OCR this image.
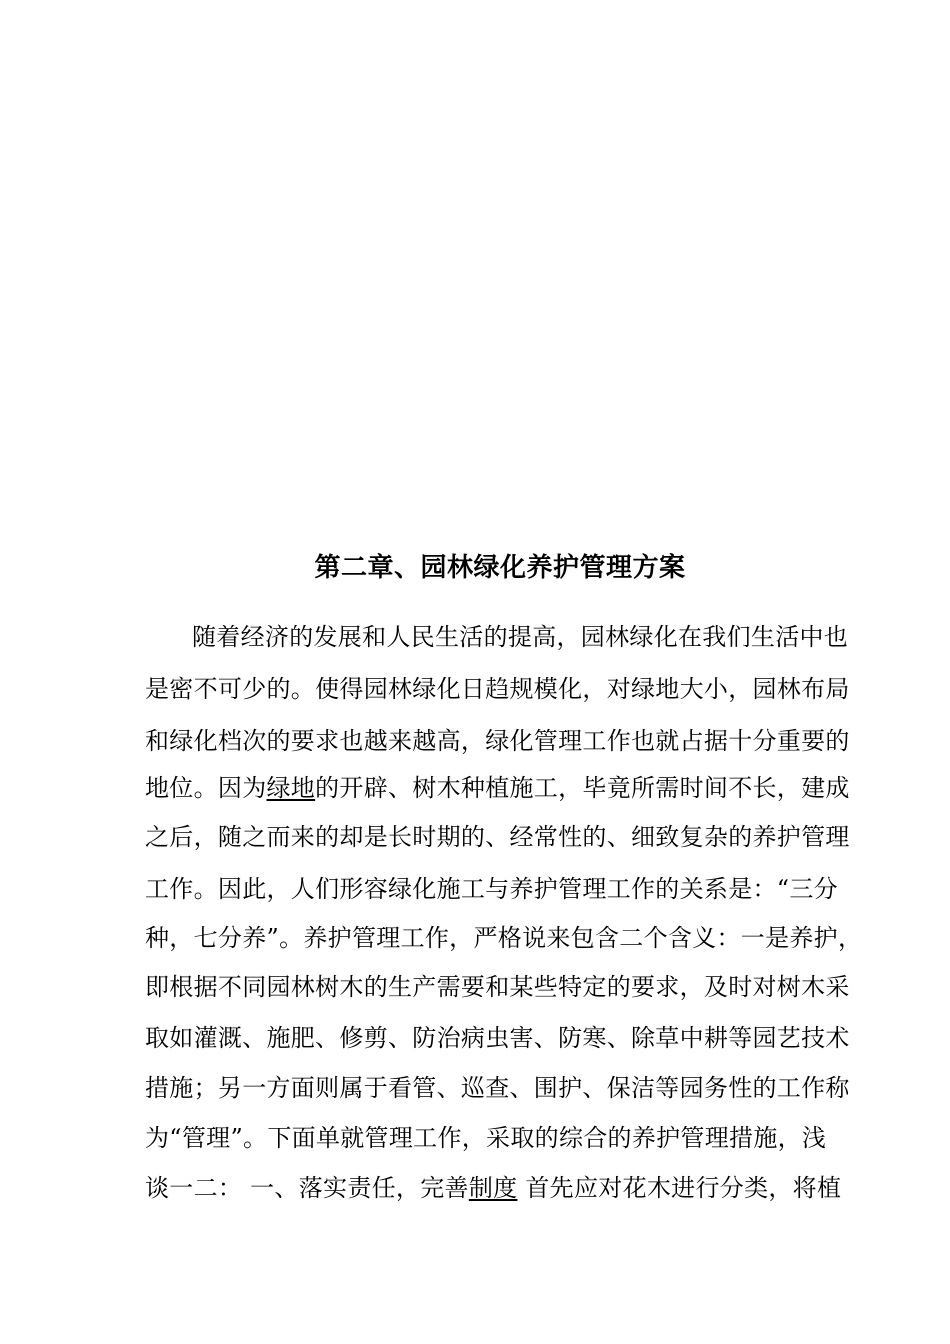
第二章、园林绿化养护管理方案
随着经济的发展和人民生活的提高，园林绿化在我们生活中也
是密不可少的。使得园林绿化日趋规模化，对绿地大小，园林布局
和绿化档次的要求也越来越高，绿化管理工作也就占据十分重要的
地位。因为绿地的开辟、树木种植施工，毕竟所需时间不长，建成
之后，随之而来的却是长时期的、经常性的、细致复杂的养护管理
工作。因此，人们形容绿化施工与养护管理工作的关系是：“三分
种，七分养”。养护管理工作，严格说来包含二个含义：一是养护，
即根据不同园林树木的生产需要和某些特定的要求，及时对树木采
取如灌溉、施肥、修剪、防治病虫害、防寒、除草中耕等园艺技术
措施；另一方面则属于看管、巡查、围护、保洁等园务性的工作称
为“管理”。下面单就管理工作，采取的综合的养护管理措施，浅
谈一二： 一、落实责任，完善制度 首先应对花木进行分类，将植
